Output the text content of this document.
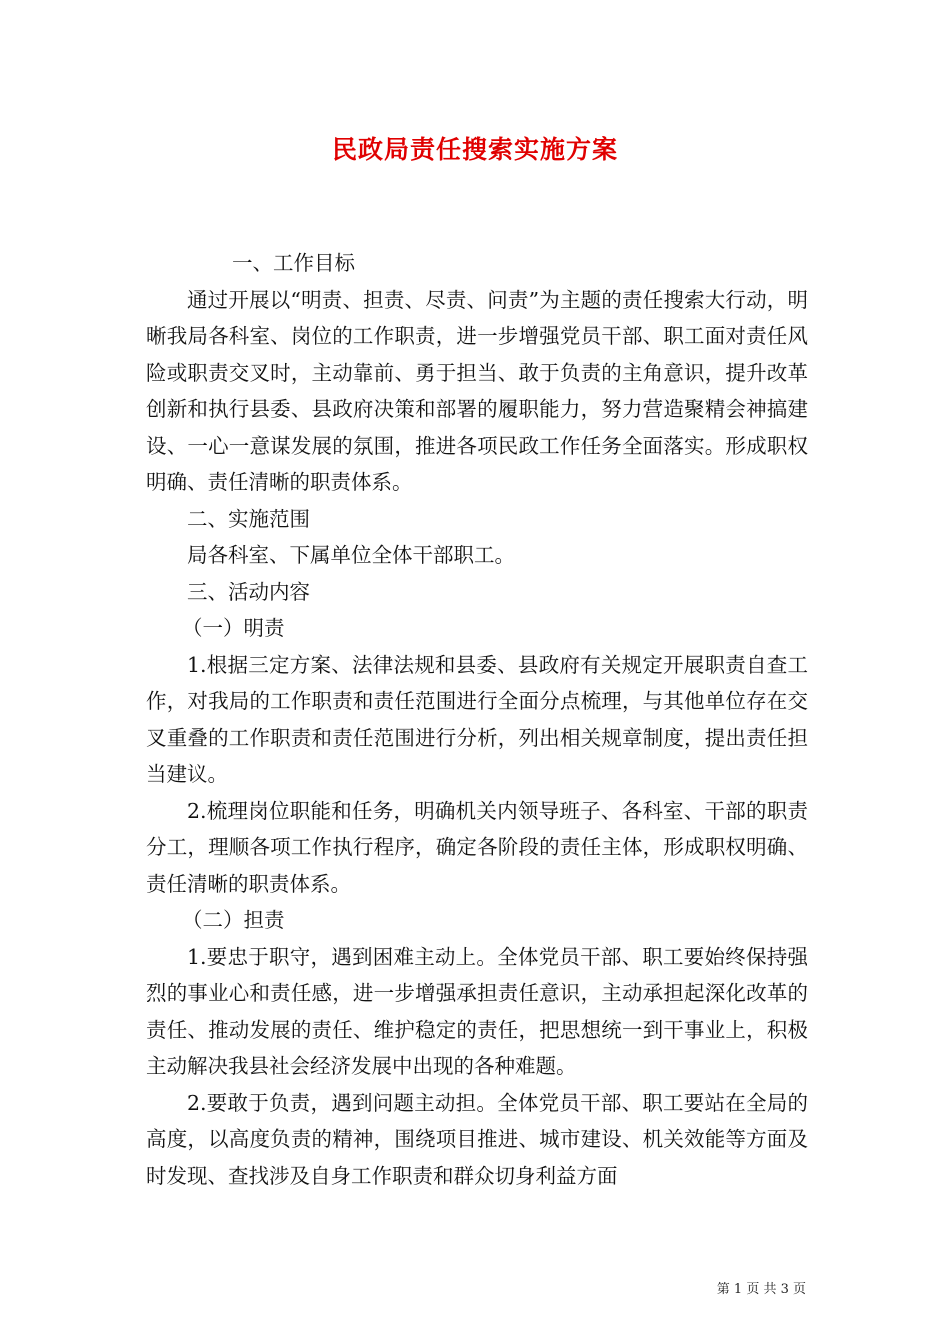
民政局责任搜索实施方案

一、工作目标

通过开展以“明责、担责、尽责、问责”为主题的责任搜索大行动，明晰我局各科室、岗位的工作职责，进一步增强党员干部、职工面对责任风险或职责交叉时，主动靠前、勇于担当、敢于负责的主角意识，提升改革创新和执行县委、县政府决策和部署的履职能力，努力营造聚精会神搞建设、一心一意谋发展的氛围，推进各项民政工作任务全面落实。形成职权明确、责任清晰的职责体系。

二、实施范围

局各科室、下属单位全体干部职工。

三、活动内容

（一）明责

1.根据三定方案、法律法规和县委、县政府有关规定开展职责自查工作，对我局的工作职责和责任范围进行全面分点梳理，与其他单位存在交叉重叠的工作职责和责任范围进行分析，列出相关规章制度，提出责任担当建议。

2.梳理岗位职能和任务，明确机关内领导班子、各科室、干部的职责分工，理顺各项工作执行程序，确定各阶段的责任主体，形成职权明确、责任清晰的职责体系。

（二）担责

1.要忠于职守，遇到困难主动上。全体党员干部、职工要始终保持强烈的事业心和责任感，进一步增强承担责任意识，主动承担起深化改革的责任、推动发展的责任、维护稳定的责任，把思想统一到干事业上，积极主动解决我县社会经济发展中出现的各种难题。

2.要敢于负责，遇到问题主动担。全体党员干部、职工要站在全局的高度，以高度负责的精神，围绕项目推进、城市建设、机关效能等方面及时发现、查找涉及自身工作职责和群众切身利益方面

第 1 页 共 3 页
